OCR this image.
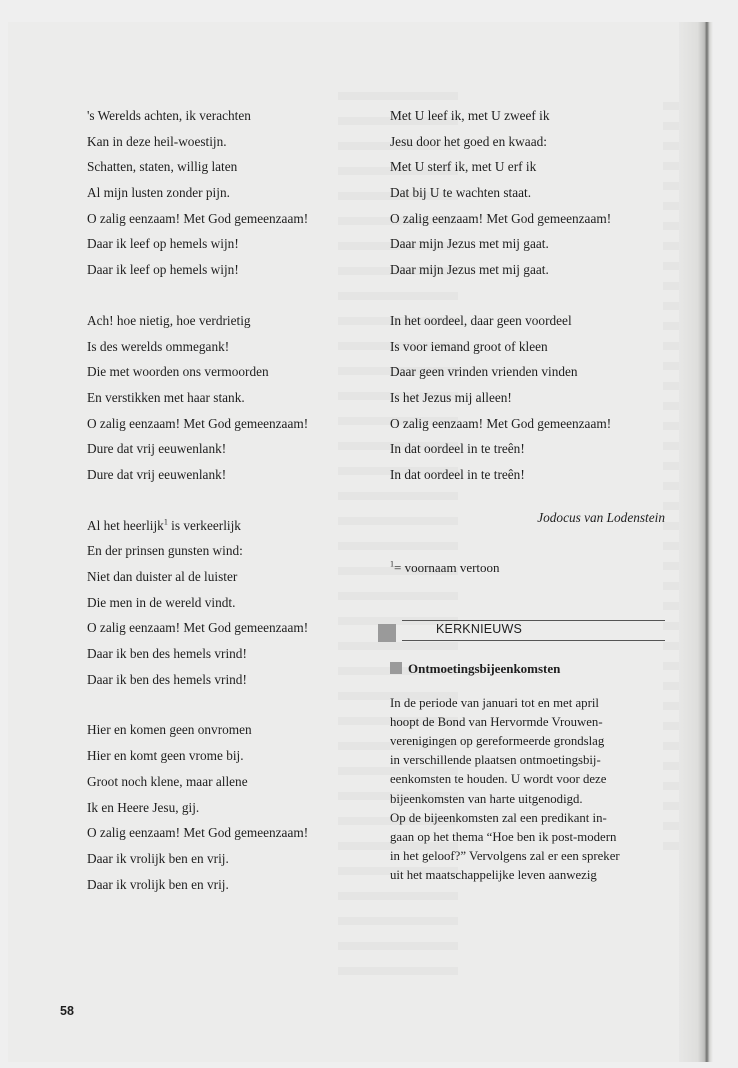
's Werelds achten, ik verachten
Kan in deze heil-woestijn.
Schatten, staten, willig laten
Al mijn lusten zonder pijn.
O zalig eenzaam! Met God gemeenzaam!
Daar ik leef op hemels wijn!
Daar ik leef op hemels wijn!
Ach! hoe nietig, hoe verdrietig
Is des werelds ommegank!
Die met woorden ons vermoorden
En verstikken met haar stank.
O zalig eenzaam! Met God gemeenzaam!
Dure dat vrij eeuwenlank!
Dure dat vrij eeuwenlank!
Al het heerlijk$^1$ is verkeerlijk
En der prinsen gunsten wind:
Niet dan duister al de luister
Die men in de wereld vindt.
O zalig eenzaam! Met God gemeenzaam!
Daar ik ben des hemels vrind!
Daar ik ben des hemels vrind!
Hier en komen geen onvromen
Hier en komt geen vrome bij.
Groot noch klene, maar allene
Ik en Heere Jesu, gij.
O zalig eenzaam! Met God gemeenzaam!
Daar ik vrolijk ben en vrij.
Daar ik vrolijk ben en vrij.
Met U leef ik, met U zweef ik
Jesu door het goed en kwaad:
Met U sterf ik, met U erf ik
Dat bij U te wachten staat.
O zalig eenzaam! Met God gemeenzaam!
Daar mijn Jezus met mij gaat.
Daar mijn Jezus met mij gaat.
In het oordeel, daar geen voordeel
Is voor iemand groot of kleen
Daar geen vrinden vrienden vinden
Is het Jezus mij alleen!
O zalig eenzaam! Met God gemeenzaam!
In dat oordeel in te treên!
In dat oordeel in te treên!
Jodocus van Lodenstein
$^1$= voornaam vertoon
KERKNIEUWS
Ontmoetingsbijeenkomsten

In de periode van januari tot en met april

hoopt de Bond van Hervormde Vrouwen-

verenigingen op gereformeerde grondslag

in verschillende plaatsen ontmoetingsbij-

eenkomsten te houden. U wordt voor deze

bijeenkomsten van harte uitgenodigd.

Op de bijeenkomsten zal een predikant in-

gaan op het thema “Hoe ben ik post-modern

in het geloof?” Vervolgens zal er een spreker

uit het maatschappelijke leven aanwezig

58
